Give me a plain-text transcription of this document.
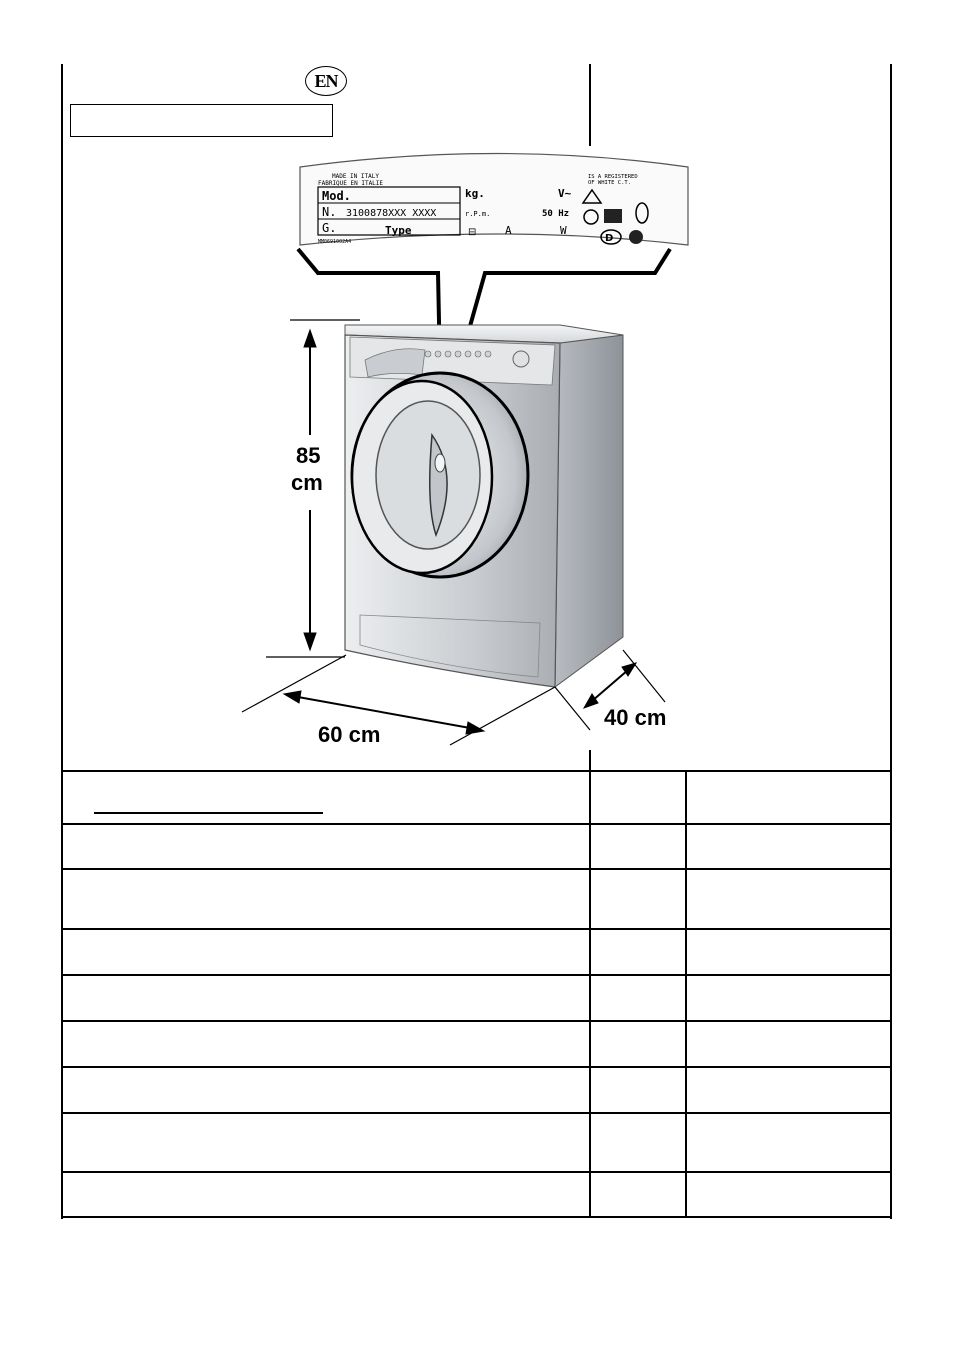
EN
MADE IN ITALY
FABRIQUE EN ITALIE
IS A REGISTERED
OF WHITE C.T.
Mod.
N. 3100878XXX XXXX
G.	Type
kg.
r.P.m.
⊟	A
V~
50 Hz
W
MM0691002A4	D
85
cm
60 cm
40 cm
